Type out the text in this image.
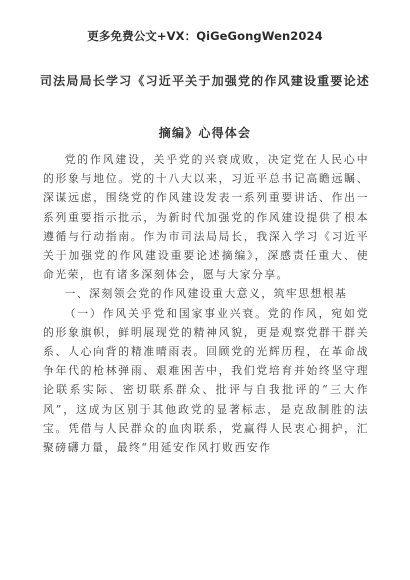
更多免费公文+VX：QiGeGongWen2024
司法局局长学习《习近平关于加强党的作风建设重要论述
摘编》心得体会

党的作风建设，关乎党的兴衰成败，决定党在人民心中的形象与地位。党的十八大以来，习近平总书记高瞻远瞩、深谋远虑，围绕党的作风建设发表一系列重要讲话、作出一系列重要指示批示，为新时代加强党的作风建设提供了根本遵循与行动指南。作为市司法局局长，我深入学习《习近平关于加强党的作风建设重要论述摘编》，深感责任重大、使命光荣，也有诸多深刻体会，愿与大家分享。

一、深刻领会党的作风建设重大意义，筑牢思想根基

（一）作风关乎党和国家事业兴衰。党的作风，宛如党的形象旗帜，鲜明展现党的精神风貌，更是观察党群干群关系、人心向背的精准晴雨表。回顾党的光辉历程，在革命战争年代的枪林弹雨、艰难困苦中，我们党培育并始终坚守理论联系实际、密切联系群众、批评与自我批评的“三大作风”，这成为区别于其他政党的显著标志，是克敌制胜的法宝。凭借与人民群众的血肉联系，党赢得人民衷心拥护，汇聚磅礴力量，最终“用延安作风打败西安作
